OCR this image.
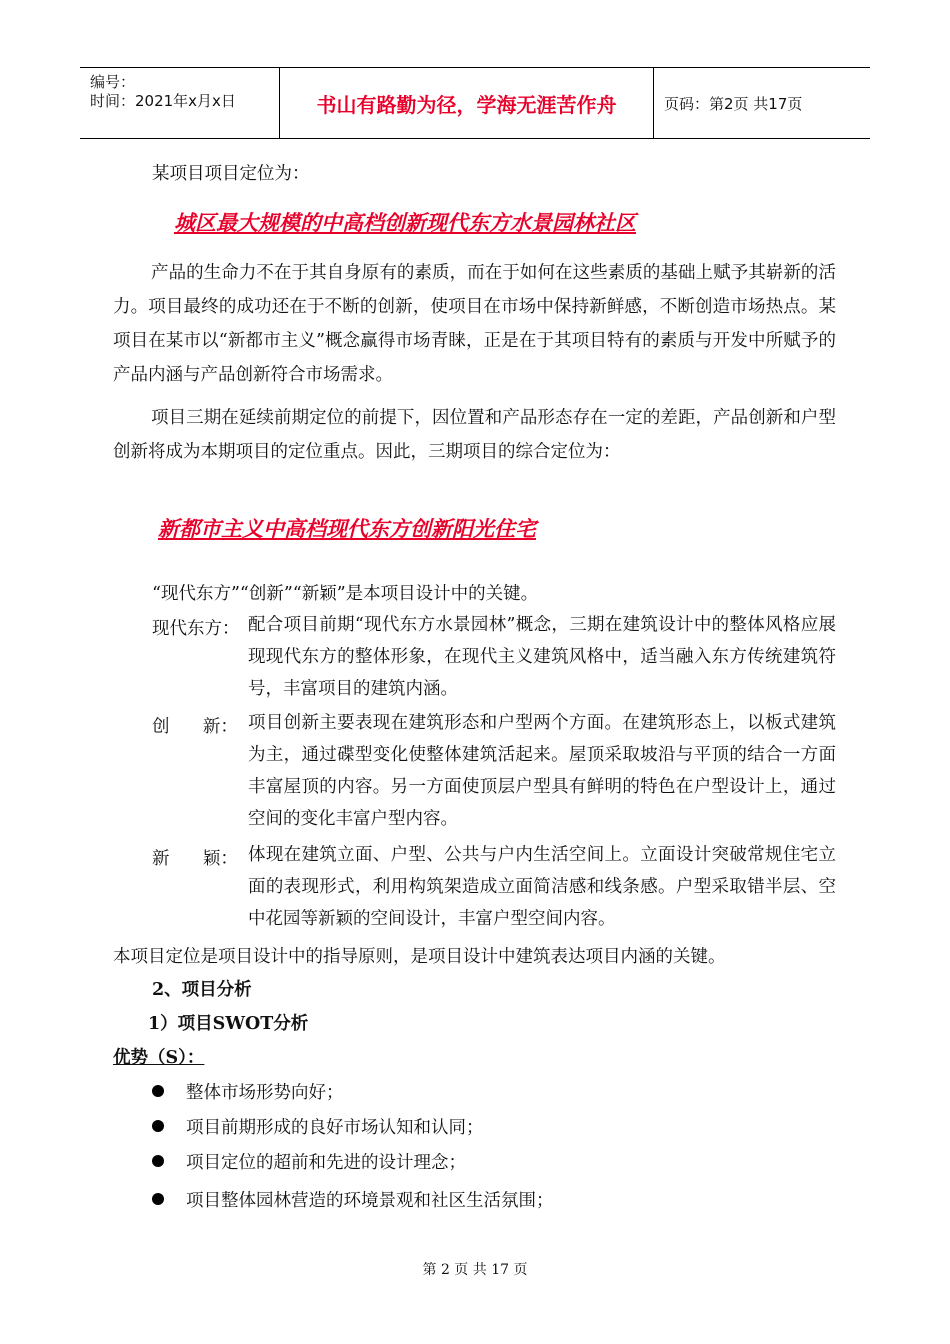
编号：
时间：2021年x月x日	书山有路勤为径，学海无涯苦作舟	页码：第2页 共17页
某项目项目定位为：
城区最大规模的中高档创新现代东方水景园林社区
产品的生命力不在于其自身原有的素质，而在于如何在这些素质的基础上赋予其崭新的活力。项目最终的成功还在于不断的创新，使项目在市场中保持新鲜感，不断创造市场热点。某项目在某市以“新都市主义”概念赢得市场青睐，正是在于其项目特有的素质与开发中所赋予的产品内涵与产品创新符合市场需求。
项目三期在延续前期定位的前提下，因位置和产品形态存在一定的差距，产品创新和户型创新将成为本期项目的定位重点。因此，三期项目的综合定位为：
新都市主义中高档现代东方创新阳光住宅
“现代东方”“创新”“新颖”是本项目设计中的关键。
现代东方： 配合项目前期“现代东方水景园林”概念，三期在建筑设计中的整体风格应展现现代东方的整体形象，在现代主义建筑风格中，适当融入东方传统建筑符号，丰富项目的建筑内涵。
创      新： 项目创新主要表现在建筑形态和户型两个方面。在建筑形态上，以板式建筑为主，通过碟型变化使整体建筑活起来。屋顶采取坡沿与平顶的结合一方面丰富屋顶的内容。另一方面使顶层户型具有鲜明的特色在户型设计上，通过空间的变化丰富户型内容。
新      颖： 体现在建筑立面、户型、公共与户内生活空间上。立面设计突破常规住宅立面的表现形式，利用构筑架造成立面简洁感和线条感。户型采取错半层、空中花园等新颖的空间设计，丰富户型空间内容。
本项目定位是项目设计中的指导原则，是项目设计中建筑表达项目内涵的关键。
2、项目分析
1）项目SWOT分析
优势（S）：
整体市场形势向好；
项目前期形成的良好市场认知和认同；
项目定位的超前和先进的设计理念；
项目整体园林营造的环境景观和社区生活氛围；
第 2 页 共 17 页
